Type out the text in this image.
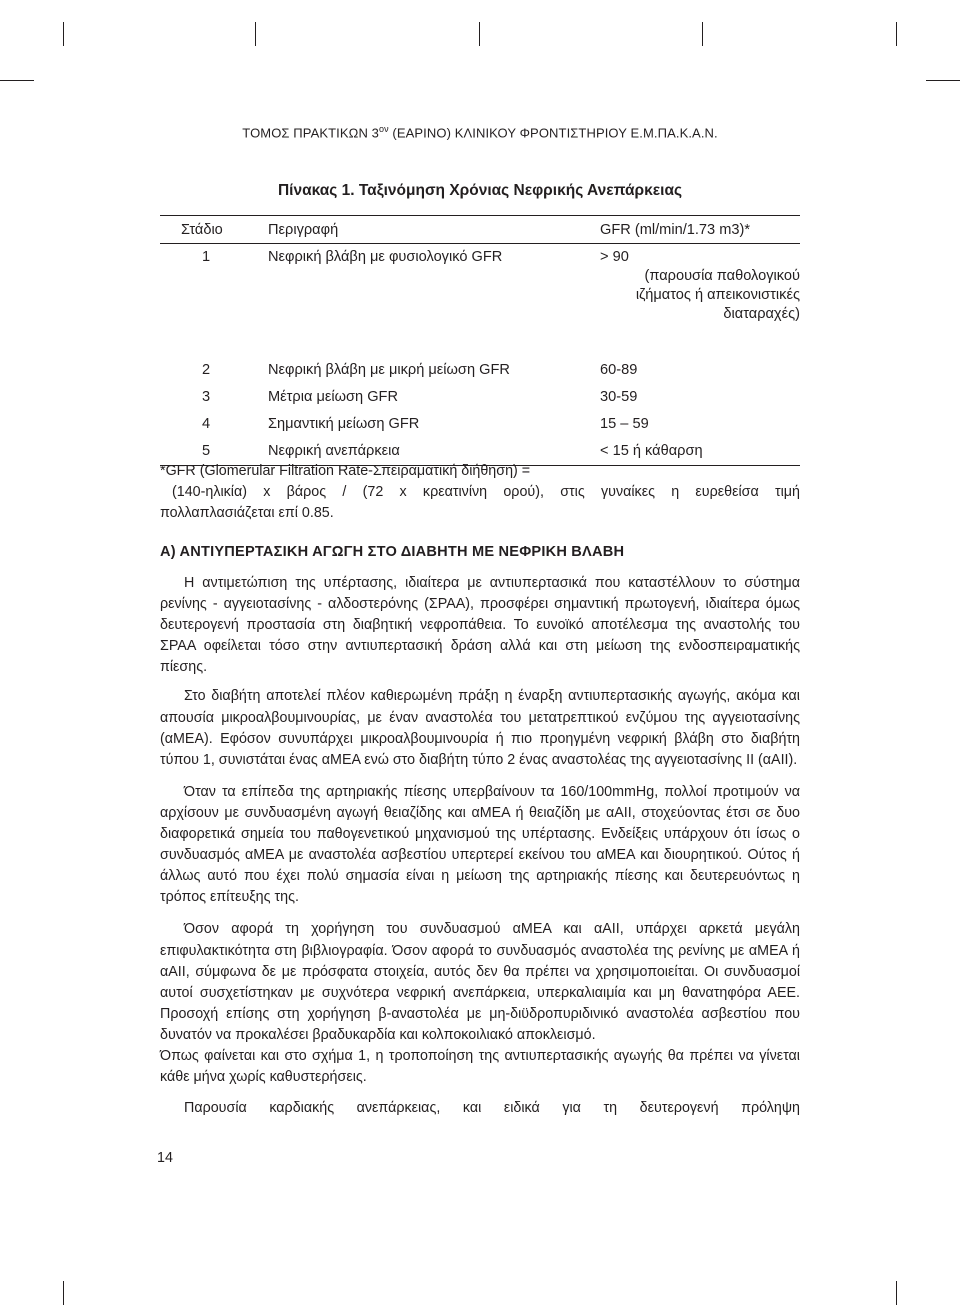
ΤΟΜΟΣ ΠΡΑΚΤΙΚΩΝ $3^{o\nu}$ (ΕΑΡΙΝΟ) ΚΛΙΝΙΚΟΥ ΦΡΟΝΤΙΣΤΗΡΙΟΥ Ε.Μ.ΠΑ.Κ.Α.Ν.
Πίνακας 1. Ταξινόμηση Χρόνιας Νεφρικής Ανεπάρκειας
Στάδιο	Περιγραφή	GFR (ml/min/1.73 m3)*
1	Νεφρική βλάβη με φυσιολογικό GFR	> 90
(παρουσία παθολογικού
ιζήματος ή απεικονιστικές
διαταραχές)

2	Νεφρική βλάβη με μικρή μείωση GFR	60-89
3	Μέτρια μείωση GFR	30-59
4	Σημαντική μείωση GFR	15 – 59
5	Νεφρική ανεπάρκεια	< 15 ή κάθαρση

*GFR (Glomerular Filtration Rate-Σπειραματική διήθηση) =

(140-ηλικία) x βάρος / (72 x κρεατινίνη ορού), στις γυναίκες η ευρεθείσα τιμή

πολλαπλασιάζεται επί 0.85.

Α) ΑΝΤΙΥΠΕΡΤΑΣΙΚΗ ΑΓΩΓΗ ΣΤΟ ΔΙΑΒΗΤΗ ΜΕ ΝΕΦΡΙΚΗ ΒΛΑΒΗ

Η αντιμετώπιση της υπέρτασης, ιδιαίτερα με αντιυπερτασικά που καταστέλλουν το σύστημα ρενίνης - αγγειοτασίνης - αλδοστερόνης (ΣΡΑΑ), προσφέρει σημαντική πρωτογενή, ιδιαίτερα όμως δευτερογενή προστασία στη διαβητική νεφροπάθεια. Το ευνοϊκό αποτέλεσμα της αναστολής του ΣΡΑΑ οφείλεται τόσο στην αντιυπερτασική δράση αλλά και στη μείωση της ενδοσπειραματικής πίεσης.

Στο διαβήτη αποτελεί πλέον καθιερωμένη πράξη η έναρξη αντιυπερτασικής αγωγής, ακόμα και απουσία μικροαλβουμινουρίας, με έναν αναστολέα του μετατρεπτικού ενζύμου της αγγειοτασίνης (αΜΕΑ). Εφόσον συνυπάρχει μικροαλβουμινουρία ή πιο προηγμένη νεφρική βλάβη στο διαβήτη τύπου 1, συνιστάται ένας αΜΕΑ ενώ στο διαβήτη τύπο 2 ένας αναστολέας της αγγειοτασίνης ΙΙ (αΑΙΙ).

Όταν τα επίπεδα της αρτηριακής πίεσης υπερβαίνουν τα 160/100mmHg, πολλοί προτιμούν να αρχίσουν με συνδυασμένη αγωγή θειαζίδης και αΜΕΑ ή θειαζίδη με αΑΙΙ, στοχεύοντας έτσι σε δυο διαφορετικά σημεία του παθογενετικού μηχανισμού της υπέρτασης. Ενδείξεις υπάρχουν ότι ίσως ο συνδυασμός αΜΕΑ με αναστολέα ασβεστίου υπερτερεί εκείνου του αΜΕΑ και διουρητικού. Ούτος ή άλλως αυτό που έχει πολύ σημασία είναι η μείωση της αρτηριακής πίεσης και δευτερευόντως η τρόπος επίτευξης της.

Όσον αφορά τη χορήγηση του συνδυασμού αΜΕΑ και αΑΙΙ, υπάρχει αρκετά μεγάλη επιφυλακτικότητα στη βιβλιογραφία. Όσον αφορά το συνδυασμός αναστολέα της ρενίνης με αΜΕΑ ή αΑΙΙ, σύμφωνα δε με πρόσφατα στοιχεία, αυτός δεν θα πρέπει να χρησιμοποιείται. Οι συνδυασμοί αυτοί συσχετίστηκαν με συχνότερα νεφρική ανεπάρκεια, υπερκαλιαιμία και μη θανατηφόρα ΑΕΕ. Προσοχή επίσης στη χορήγηση β-αναστολέα με μη-διϋδροπυριδινικό αναστολέα ασβεστίου που δυνατόν να προκαλέσει βραδυκαρδία και κολποκοιλιακό αποκλεισμό.

Όπως φαίνεται και στο σχήμα 1, η τροποποίηση της αντιυπερτασικής αγωγής θα πρέπει να γίνεται κάθε μήνα χωρίς καθυστερήσεις.

Παρουσία καρδιακής ανεπάρκειας, και ειδικά για τη δευτερογενή πρόληψη

14
